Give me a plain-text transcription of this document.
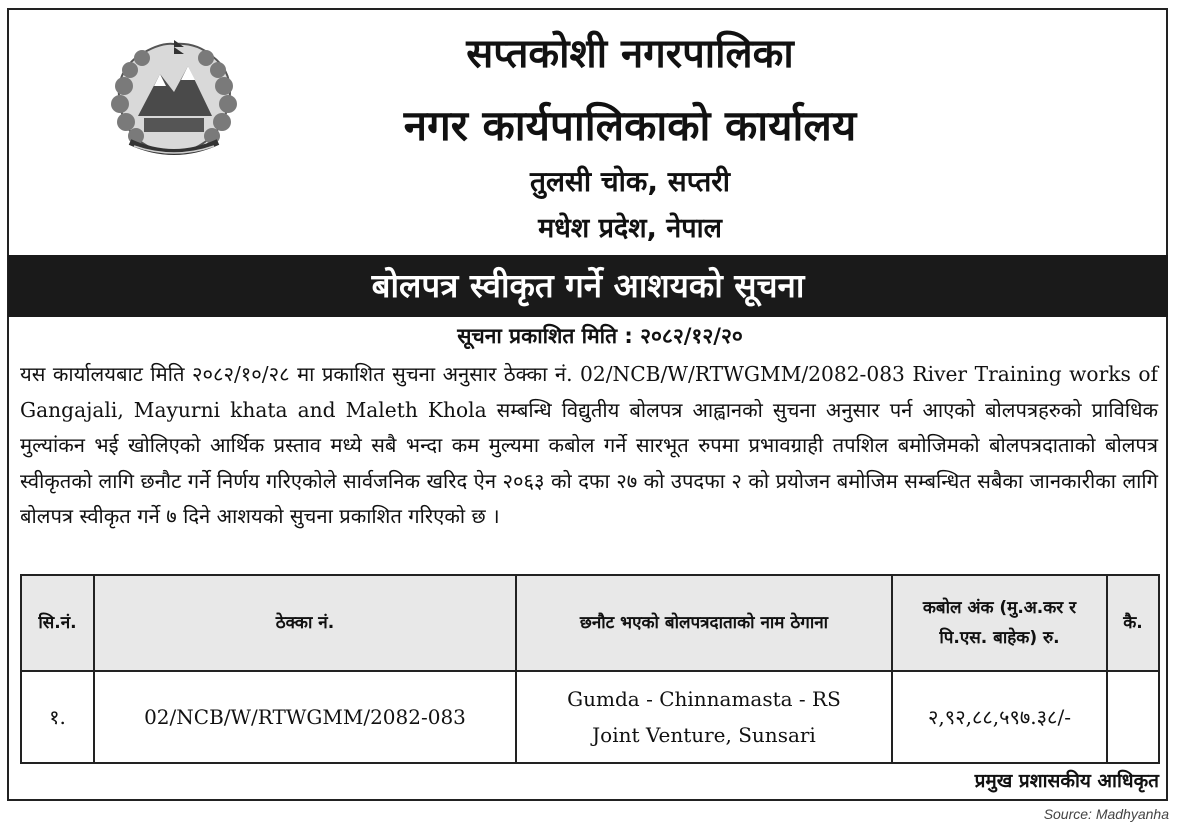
सप्तकोशी नगरपालिका
नगर कार्यपालिकाको कार्यालय
तुलसी चोक, सप्तरी
मधेश प्रदेश, नेपाल
बोलपत्र स्वीकृत गर्ने आशयको सूचना
सूचना प्रकाशित मिति : २०८२/१२/२०
यस कार्यालयबाट मिति २०८२/१०/२८ मा प्रकाशित सुचना अनुसार ठेक्का नं. 02/NCB/W/RTWGMM/2082-083 River Training works of Gangajali, Mayurni khata and Maleth Khola सम्बन्धि विद्युतीय बोलपत्र आह्वानको सुचना अनुसार पर्न आएको बोलपत्रहरुको प्राविधिक मुल्यांकन भई खोलिएको आर्थिक प्रस्ताव मध्ये सबै भन्दा कम मुल्यमा कबोल गर्ने सारभूत रुपमा प्रभावग्राही तपशिल बमोजिमको बोलपत्रदाताको बोलपत्र स्वीकृतको लागि छनौट गर्ने निर्णय गरिएकोले सार्वजनिक खरिद ऐन २०६३ को दफा २७ को उपदफा २ को प्रयोजन बमोजिम सम्बन्धित सबैका जानकारीका लागि बोलपत्र स्वीकृत गर्ने ७ दिने आशयको सुचना प्रकाशित गरिएको छ ।
सि.नं.	ठेक्का नं.	छनौट भएको बोलपत्रदाताको नाम ठेगाना	कबोल अंक (मु.अ.कर र पि.एस. बाहेक) रु.	कै.
१.	02/NCB/W/RTWGMM/2082-083	Gumda - Chinnamasta - RS Joint Venture, Sunsari	२,९२,८८,५९७.३८/-	
प्रमुख प्रशासकीय आधिकृत
Source: Madhyanha
